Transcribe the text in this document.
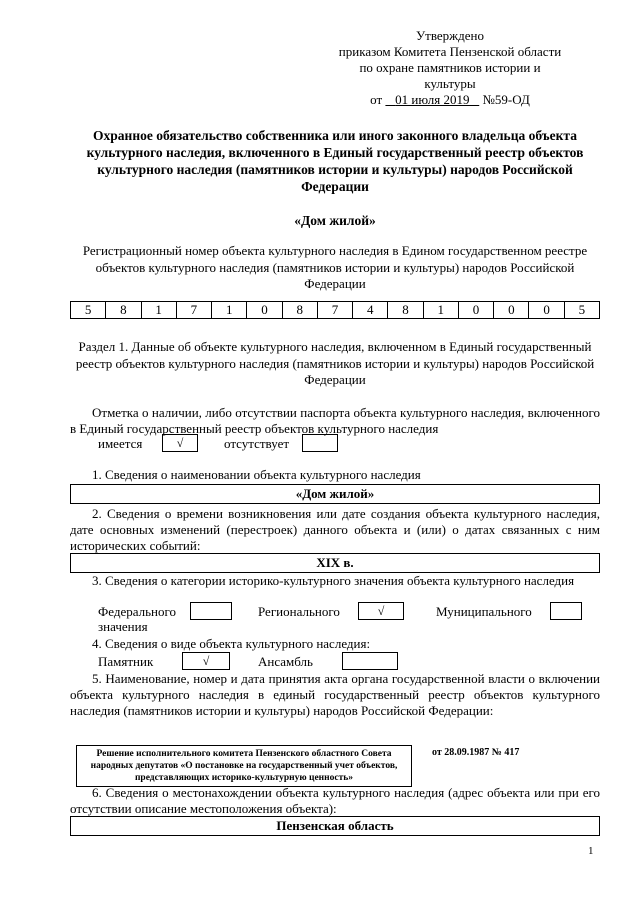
Утверждено
приказом Комитета Пензенской области
по охране памятников истории и
культуры
от 01 июля 2019 №59-ОД
Охранное обязательство собственника или иного законного владельца объекта культурного наследия, включенного в Единый государственный реестр объектов культурного наследия (памятников истории и культуры) народов Российской Федерации
«Дом жилой»
Регистрационный номер объекта культурного наследия в Едином государственном реестре объектов культурного наследия (памятников истории и культуры) народов Российской Федерации
5	8	1	7	1	0	8	7	4	8	1	0	0	0	5
Раздел 1. Данные об объекте культурного наследия, включенном в Единый государственный реестр объектов культурного наследия (памятников истории и культуры) народов Российской Федерации
Отметка о наличии, либо отсутствии паспорта объекта культурного наследия, включенного в Единый государственный реестр объектов культурного наследия
имеется	√	отсутствует
1. Сведения о наименовании объекта культурного наследия
«Дом жилой»
2. Сведения о времени возникновения или дате создания объекта культурного наследия, дате основных изменений (перестроек) данного объекта и (или) о датах связанных с ним исторических событий:
XIX в.
3. Сведения о категории историко-культурного значения объекта культурного наследия
Федерального	Регионального	√	Муниципального
значения
4. Сведения о виде объекта культурного наследия:
Памятник	√	Ансамбль
5. Наименование, номер и дата принятия акта органа государственной власти о включении объекта культурного наследия в единый государственный реестр объектов культурного наследия (памятников истории и культуры) народов Российской Федерации:
Решение исполнительного комитета Пензенского областного Совета народных депутатов «О постановке на государственный учет объектов, представляющих историко-культурную ценность»
от 28.09.1987 № 417
6. Сведения о местонахождении объекта культурного наследия (адрес объекта или при его отсутствии описание местоположения объекта):
Пензенская область
1
